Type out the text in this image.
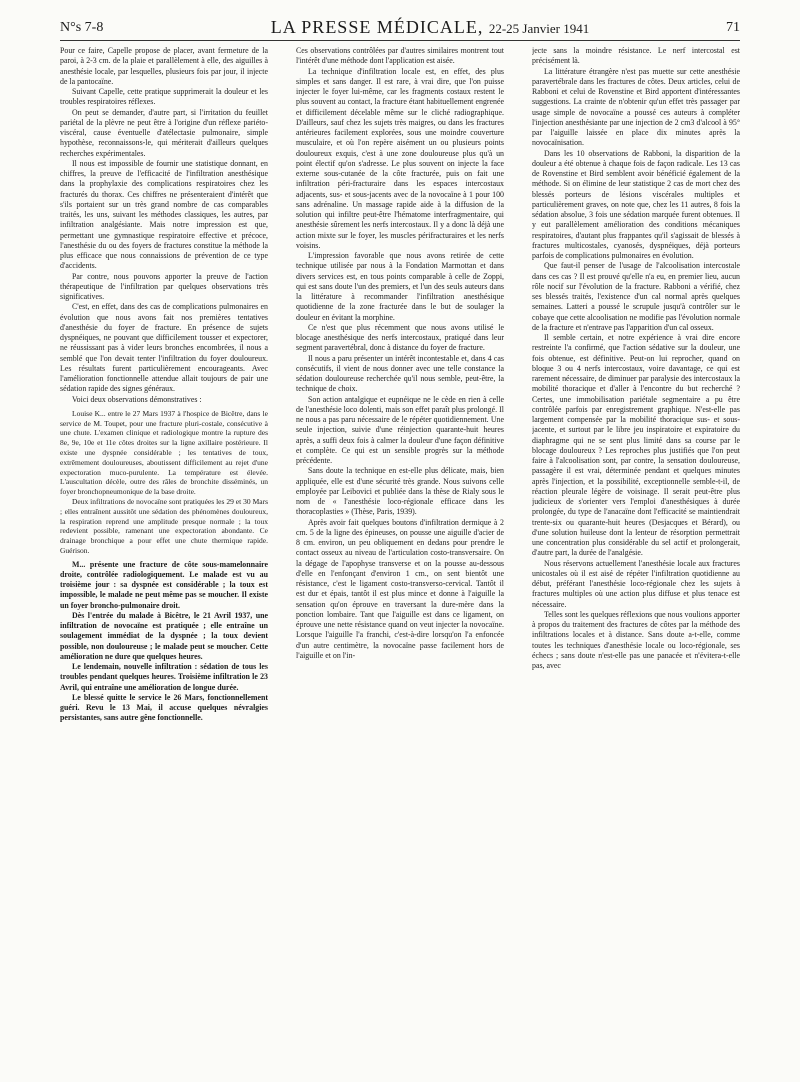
N°s 7-8	LA PRESSE MÉDICALE, 22-25 Janvier 1941	71

Pour ce faire, Capelle propose de placer, avant fermeture de la paroi, à 2-3 cm. de la plaie et parallèlement à elle, des aiguilles à anesthésie locale, par lesquelles, plusieurs fois par jour, il injecte de la pantocaïne.

Suivant Capelle, cette pratique supprimerait la douleur et les troubles respiratoires réflexes.

On peut se demander, d'autre part, si l'irritation du feuillet pariétal de la plèvre ne peut être à l'origine d'un réflexe pariéto-viscéral, cause éventuelle d'atélectasie pulmonaire, simple hypothèse, reconnaissons-le, qui mériterait d'ailleurs quelques recherches expérimentales.

Il nous est impossible de fournir une statistique donnant, en chiffres, la preuve de l'efficacité de l'infiltration anesthésique dans la prophylaxie des complications respiratoires chez les fracturés du thorax. Ces chiffres ne présenteraient d'intérêt que s'ils portaient sur un très grand nombre de cas comparables traités, les uns, suivant les méthodes classiques, les autres, par infiltration analgésiante. Mais notre impression est que, permettant une gymnastique respiratoire effective et précoce, l'anesthésie du ou des foyers de fractures constitue la méthode la plus efficace que nous connaissions de prévention de ce type d'accidents.

Par contre, nous pouvons apporter la preuve de l'action thérapeutique de l'infiltration par quelques observations très significatives.

C'est, en effet, dans des cas de complications pulmonaires en évolution que nous avons fait nos premières tentatives d'anesthésie du foyer de fracture. En présence de sujets dyspnéiques, ne pouvant que difficilement tousser et expectorer, ne réussissant pas à vider leurs bronches encombrées, il nous a semblé que l'on devait tenter l'infiltration du foyer douloureux. Les résultats furent particulièrement encourageants. Avec l'amélioration fonctionnelle attendue allait toujours de pair une sédation rapide des signes généraux.

Voici deux observations démonstratives :

Louise K... entre le 27 Mars 1937 à l'hospice de Bicêtre, dans le service de M. Toupet, pour une fracture pluri-costale, consécutive à une chute. L'examen clinique et radiologique montre la rupture des 8e, 9e, 10e et 11e côtes droites sur la ligne axillaire postérieure. Il existe une dyspnée considérable ; les tentatives de toux, extrêmement douloureuses, aboutissent difficilement au rejet d'une expectoration muco-purulente. La température est élevée. L'auscultation décèle, outre des râles de bronchite disséminés, un foyer bronchopneumonique de la base droite.

Deux infiltrations de novocaïne sont pratiquées les 29 et 30 Mars ; elles entraînent aussitôt une sédation des phénomènes douloureux, la respiration reprend une amplitude presque normale ; la toux redevient possible, ramenant une expectoration abondante. Ce drainage bronchique a pour effet une chute thermique rapide. Guérison.

M... présente une fracture de côte sous-mamelonnaire droite, contrôlée radiologiquement. Le malade est vu au troisième jour : sa dyspnée est considérable ; la toux est impossible, le malade ne peut même pas se moucher. Il existe un foyer broncho-pulmonaire droit.

Dès l'entrée du malade à Bicêtre, le 21 Avril 1937, une infiltration de novocaïne est pratiquée ; elle entraîne un soulagement immédiat de la dyspnée ; la toux devient possible, non douloureuse ; le malade peut se moucher. Cette amélioration ne dure que quelques heures.

Le lendemain, nouvelle infiltration : sédation de tous les troubles pendant quelques heures. Troisième infiltration le 23 Avril, qui entraîne une amélioration de longue durée.

Le blessé quitte le service le 26 Mars, fonctionnellement guéri. Revu le 13 Mai, il accuse quelques névralgies persistantes, sans autre gêne fonctionnelle.

Ces observations contrôlées par d'autres similaires montrent tout l'intérêt d'une méthode dont l'application est aisée.

La technique d'infiltration locale est, en effet, des plus simples et sans danger. Il est rare, à vrai dire, que l'on puisse injecter le foyer lui-même, car les fragments costaux restent le plus souvent au contact, la fracture étant habituellement engrenée et difficilement décelable même sur le cliché radiographique. D'ailleurs, sauf chez les sujets très maigres, ou dans les fractures antérieures facilement explorées, sous une moindre couverture musculaire, et où l'on repère aisément un ou plusieurs points douloureux exquis, c'est à une zone douloureuse plus qu'à un point électif qu'on s'adresse. Le plus souvent on injecte la face externe sous-cutanée de la côte fracturée, puis on fait une infiltration péri-fracturaire dans les espaces intercostaux adjacents, sus- et sous-jacents avec de la novocaïne à 1 pour 100 sans adrénaline. Un massage rapide aide à la diffusion de la solution qui infiltre peut-être l'hématome interfragmentaire, qui anesthésie sûrement les nerfs intercostaux. Il y a donc là déjà une action mixte sur le foyer, les muscles périfracturaires et les nerfs voisins.

L'impression favorable que nous avons retirée de cette technique utilisée par nous à la Fondation Marmottan et dans divers services est, en tous points comparable à celle de Zoppi, qui est sans doute l'un des premiers, et l'un des seuls auteurs dans la littérature à recommander l'infiltration anesthésique quotidienne de la zone fracturée dans le but de soulager la douleur en évitant la morphine.

Ce n'est que plus récemment que nous avons utilisé le blocage anesthésique des nerfs intercostaux, pratiqué dans leur segment paravertébral, donc à distance du foyer de fracture.

Il nous a paru présenter un intérêt incontestable et, dans 4 cas consécutifs, il vient de nous donner avec une telle constance la sédation douloureuse recherchée qu'il nous semble, peut-être, la technique de choix.

Son action antalgique et eupnéique ne le cède en rien à celle de l'anesthésie loco dolenti, mais son effet paraît plus prolongé. Il ne nous a pas paru nécessaire de le répéter quotidiennement. Une seule injection, suivie d'une réinjection quarante-huit heures après, a suffi deux fois à calmer la douleur d'une façon définitive et complète. Ce qui est un sensible progrès sur la méthode précédente.

Sans doute la technique en est-elle plus délicate, mais, bien appliquée, elle est d'une sécurité très grande. Nous suivons celle employée par Leibovici et publiée dans la thèse de Rialy sous le nom de « l'anesthésie loco-régionale efficace dans les thoracoplasties » (Thèse, Paris, 1939).

Après avoir fait quelques boutons d'infiltration dermique à 2 cm. 5 de la ligne des épineuses, on pousse une aiguille d'acier de 8 cm. environ, un peu obliquement en dedans pour prendre le contact osseux au niveau de l'articulation costo-transversaire. On la dégage de l'apophyse transverse et on la pousse au-dessous d'elle en l'enfonçant d'environ 1 cm., on sent bientôt une résistance, c'est le ligament costo-transverso-cervical. Tantôt il est dur et épais, tantôt il est plus mince et donne à l'aiguille la sensation qu'on éprouve en traversant la dure-mère dans la ponction lombaire. Tant que l'aiguille est dans ce ligament, on éprouve une nette résistance quand on veut injecter la novocaïne. Lorsque l'aiguille l'a franchi, c'est-à-dire lorsqu'on l'a enfoncée d'un autre centimètre, la novocaïne passe facilement hors de l'aiguille et on l'in-

jecte sans la moindre résistance. Le nerf intercostal est précisément là.

La littérature étrangère n'est pas muette sur cette anesthésie paravertébrale dans les fractures de côtes. Deux articles, celui de Rabboni et celui de Rovenstine et Bird apportent d'intéressantes suggestions. La crainte de n'obtenir qu'un effet très passager par usage simple de novocaïne a poussé ces auteurs à compléter l'injection anesthésiante par une injection de 2 cm3 d'alcool à 95° par l'aiguille laissée en place dix minutes après la novocaïnisation.

Dans les 10 observations de Rabboni, la disparition de la douleur a été obtenue à chaque fois de façon radicale. Les 13 cas de Rovenstine et Bird semblent avoir bénéficié également de la méthode. Si on élimine de leur statistique 2 cas de mort chez des blessés porteurs de lésions viscérales multiples et particulièrement graves, on note que, chez les 11 autres, 8 fois la sédation absolue, 3 fois une sédation marquée furent obtenues. Il y eut parallèlement amélioration des conditions mécaniques respiratoires, d'autant plus frappantes qu'il s'agissait de blessés à fractures multicostales, cyanosés, dyspnéiques, déjà porteurs parfois de complications pulmonaires en évolution.

Que faut-il penser de l'usage de l'alcoolisation intercostale dans ces cas ? Il est prouvé qu'elle n'a eu, en premier lieu, aucun rôle nocif sur l'évolution de la fracture. Rabboni a vérifié, chez ses blessés traités, l'existence d'un cal normal après quelques semaines. Latteri a poussé le scrupule jusqu'à contrôler sur le cobaye que cette alcoolisation ne modifie pas l'évolution normale de la fracture et n'entrave pas l'apparition d'un cal osseux.

Il semble certain, et notre expérience à vrai dire encore restreinte l'a confirmé, que l'action sédative sur la douleur, une fois obtenue, est définitive. Peut-on lui reprocher, quand on bloque 3 ou 4 nerfs intercostaux, voire davantage, ce qui est rarement nécessaire, de diminuer par paralysie des intercostaux la mobilité thoracique et d'aller à l'encontre du but recherché ? Certes, une immobilisation pariétale segmentaire a pu être contrôlée parfois par enregistrement graphique. N'est-elle pas largement compensée par la mobilité thoracique sus- et sous-jacente, et surtout par le libre jeu inspiratoire et expiratoire du diaphragme qui ne se sent plus limité dans sa course par le blocage douloureux ? Les reproches plus justifiés que l'on peut faire à l'alcoolisation sont, par contre, la sensation douloureuse, passagère il est vrai, déterminée pendant et quelques minutes après l'injection, et la possibilité, exceptionnelle semble-t-il, de réaction pleurale légère de voisinage. Il serait peut-être plus judicieux de s'orienter vers l'emploi d'anesthésiques à durée prolongée, du type de l'anacaïne dont l'efficacité se maintiendrait trente-six ou quarante-huit heures (Desjacques et Bérard), ou d'une solution huileuse dont la lenteur de résorption permettrait une concentration plus considérable du sel actif et prolongerait, d'autre part, la durée de l'analgésie.

Nous réservons actuellement l'anesthésie locale aux fractures unicostales où il est aisé de répéter l'infiltration quotidienne au début, préférant l'anesthésie loco-régionale chez les sujets à fractures multiples où une action plus diffuse et plus tenace est nécessaire.

Telles sont les quelques réflexions que nous voulions apporter à propos du traitement des fractures de côtes par la méthode des infiltrations locales et à distance. Sans doute a-t-elle, comme toutes les techniques d'anesthésie locale ou loco-régionale, ses échecs ; sans doute n'est-elle pas une panacée et n'évitera-t-elle pas, avec
